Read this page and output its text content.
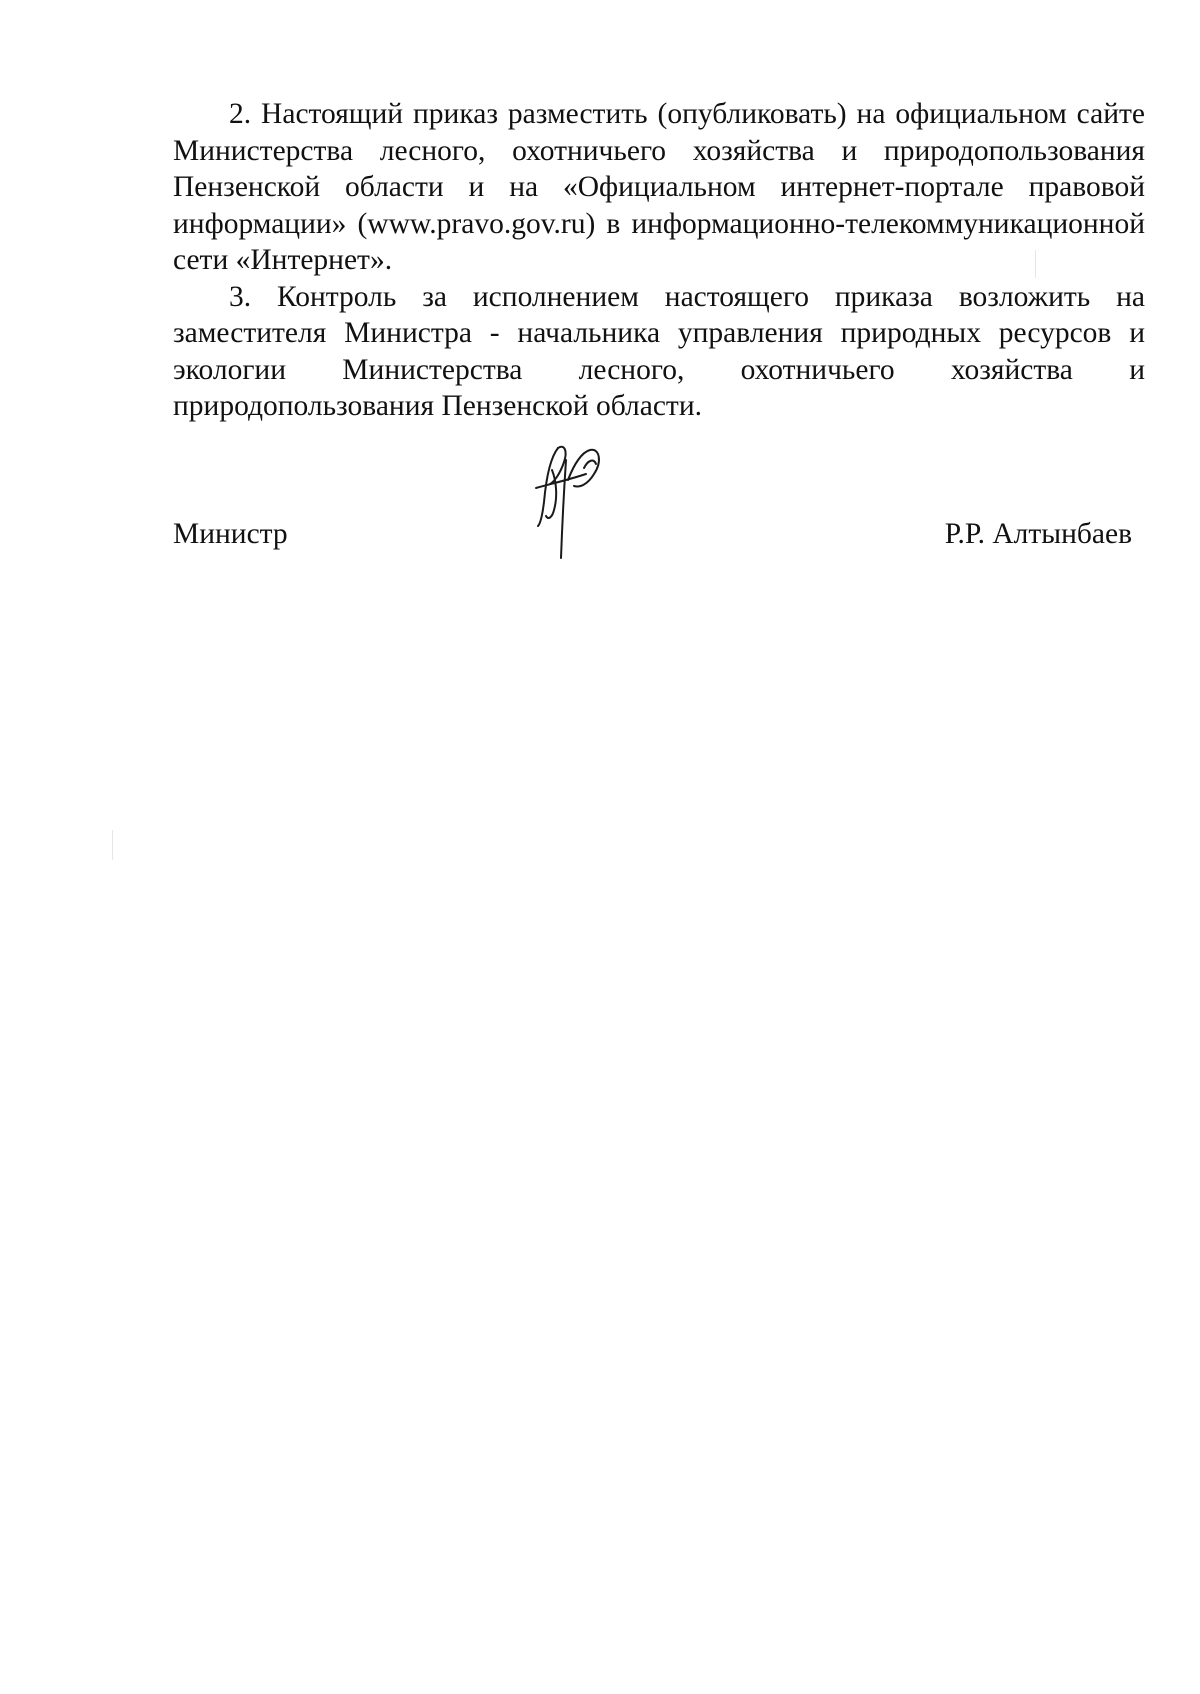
2. Настоящий приказ разместить (опубликовать) на официальном сайте Министерства лесного, охотничьего хозяйства и природопользования Пензенской области и на «Официальном интернет-портале правовой информации» (www.pravo.gov.ru) в информационно-телекоммуникационной сети «Интернет».

3. Контроль за исполнением настоящего приказа возложить на заместителя Министра - начальника управления природных ресурсов и экологии Министерства лесного, охотничьего хозяйства и природопользования Пензенской области.

Министр	Р.Р. Алтынбаев
